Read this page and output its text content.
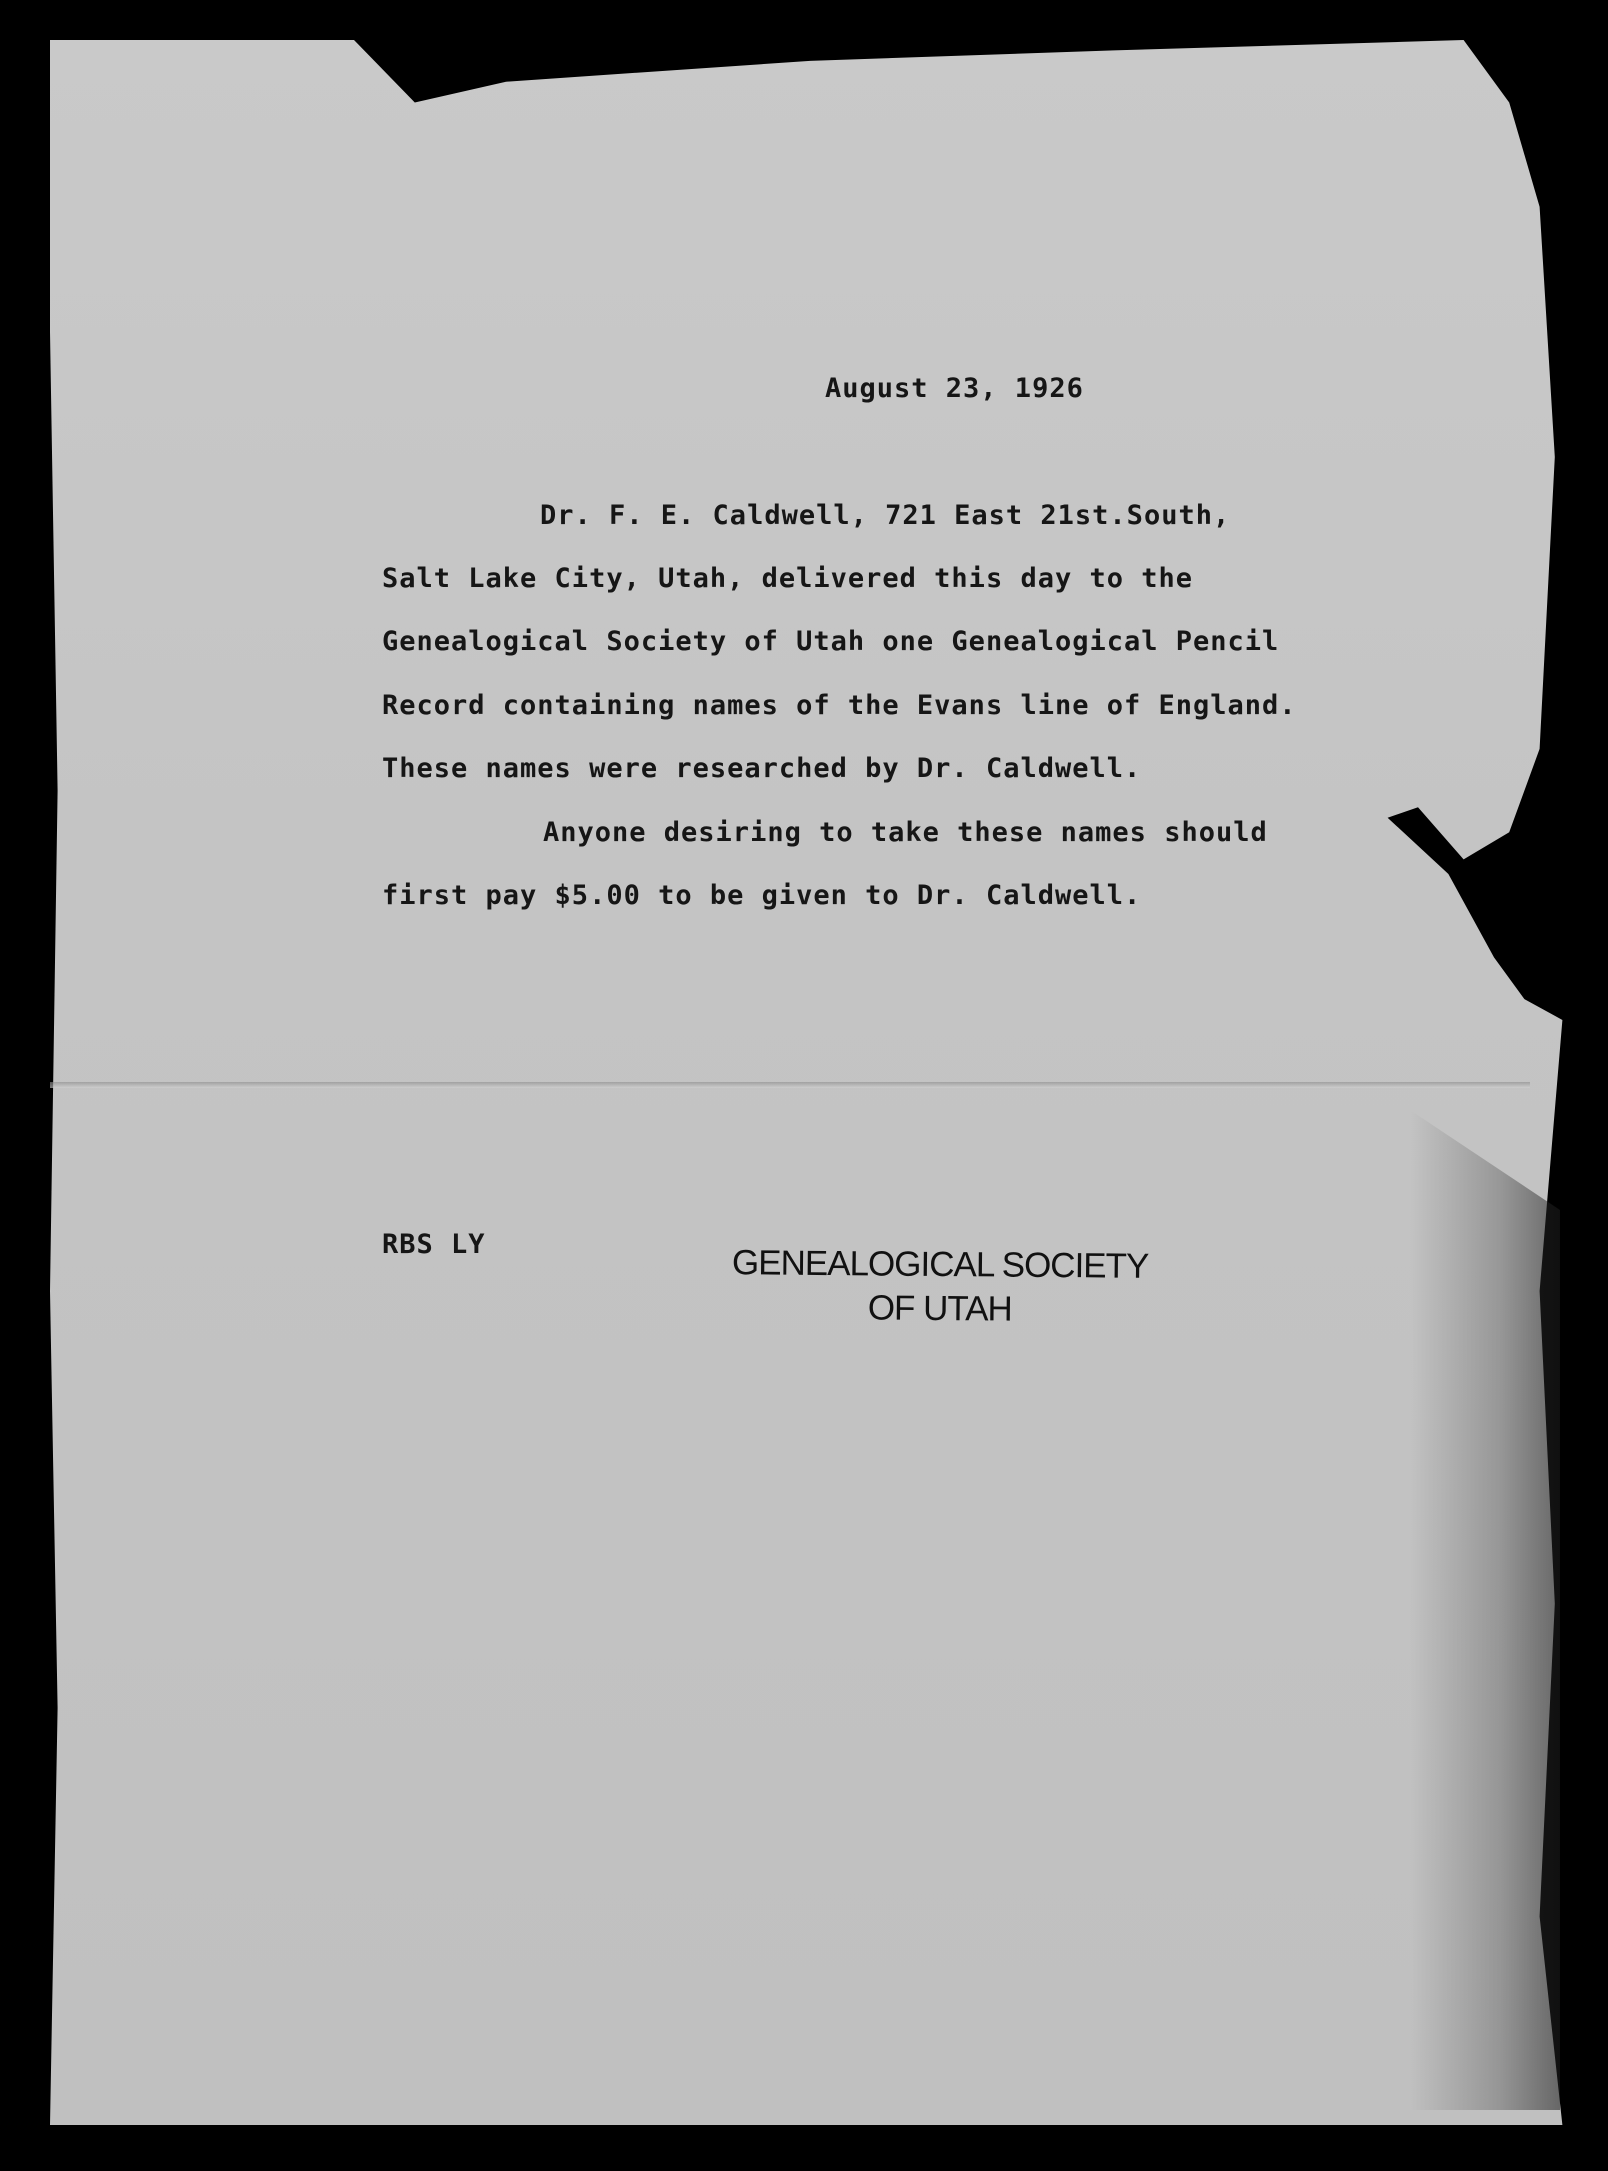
August 23, 1926
Dr. F. E. Caldwell, 721 East 21st.South,
Salt Lake City, Utah, delivered this day to the
Genealogical Society of Utah one Genealogical Pencil
Record containing names of the Evans line of England.
These names were researched by Dr. Caldwell.
Anyone desiring to take these names should
first pay $5.00 to be given to Dr. Caldwell.
RBS LY	GENEALOGICAL SOCIETY
OF UTAH
